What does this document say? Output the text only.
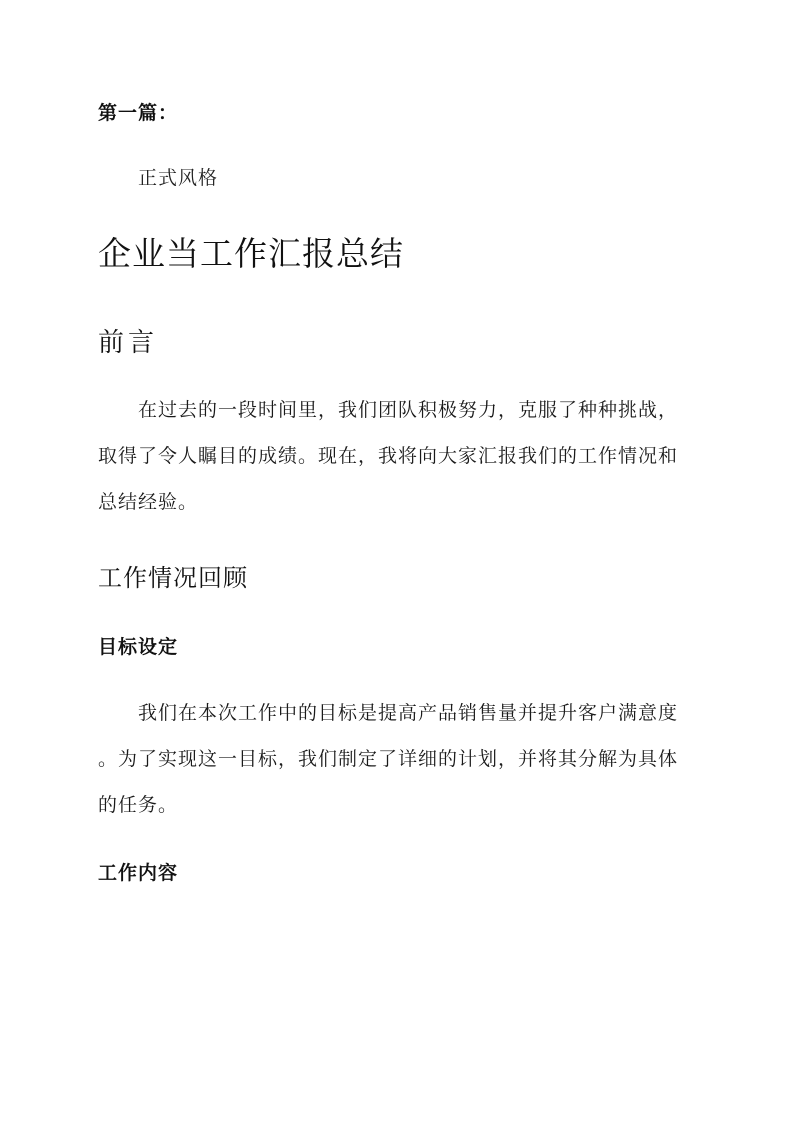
第一篇：
正式风格
企业当工作汇报总结
前言

在过去的一段时间里，我们团队积极努力，克服了种种挑战，
取得了令人瞩目的成绩。现在，我将向大家汇报我们的工作情况和
总结经验。

工作情况回顾
目标设定

我们在本次工作中的目标是提高产品销售量并提升客户满意度
。为了实现这一目标，我们制定了详细的计划，并将其分解为具体
的任务。

工作内容
